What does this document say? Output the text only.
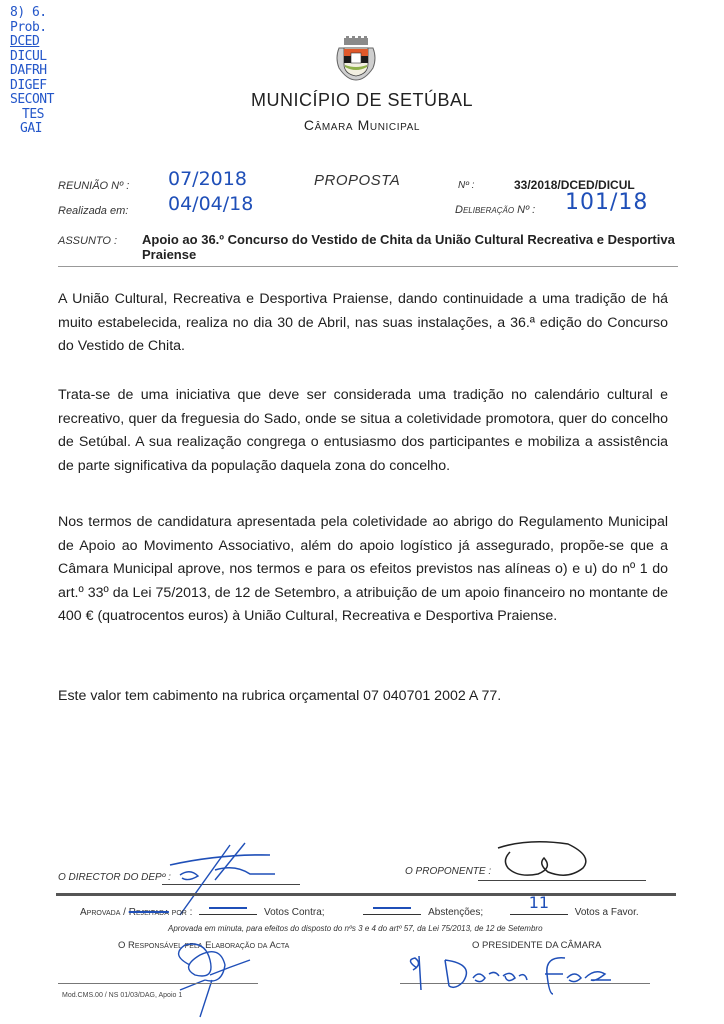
8) 6.
Prob.
DCED
DICUL
DAFRH
DIGEF
SECONT
TES
GAI
MUNICÍPIO DE SETÚBAL
Câmara Municipal
REUNIÃO Nº : 07/2018	PROPOSTA	Nº :	33/2018/DCED/DICUL
Realizada em: 04/04/18	Deliberação Nº : 101/18
ASSUNTO : Apoio ao 36.º Concurso do Vestido de Chita da União Cultural Recreativa e Desportiva Praiense
A União Cultural, Recreativa e Desportiva Praiense, dando continuidade a uma tradição de há muito estabelecida, realiza no dia 30 de Abril, nas suas instalações, a 36.ª edição do Concurso do Vestido de Chita.
Trata-se de uma iniciativa que deve ser considerada uma tradição no calendário cultural e recreativo, quer da freguesia do Sado, onde se situa a coletividade promotora, quer do concelho de Setúbal. A sua realização congrega o entusiasmo dos participantes e mobiliza a assistência de parte significativa da população daquela zona do concelho.
Nos termos de candidatura apresentada pela coletividade ao abrigo do Regulamento Municipal de Apoio ao Movimento Associativo, além do apoio logístico já assegurado, propõe-se que a Câmara Municipal aprove, nos termos e para os efeitos previstos nas alíneas o) e u) do nº 1 do art.º 33º da Lei 75/2013, de 12 de Setembro, a atribuição de um apoio financeiro no montante de 400 € (quatrocentos euros) à União Cultural, Recreativa e Desportiva Praiense.
Este valor tem cabimento na rubrica orçamental 07 040701 2002 A 77.
O DIRECTOR DO DEPº :
O PROPONENTE :
Aprovada / Rejeitada por :	Votos Contra;	Abstenções;
11
Votos a Favor.
Aprovada em minuta, para efeitos do disposto do nºs 3 e 4 do artº 57, da Lei 75/2013, de 12 de Setembro
O Responsável pela Elaboração da Acta	O PRESIDENTE DA CÂMARA
Mod.CMS.00 / NS 01/03/DAG, Apoio 1
